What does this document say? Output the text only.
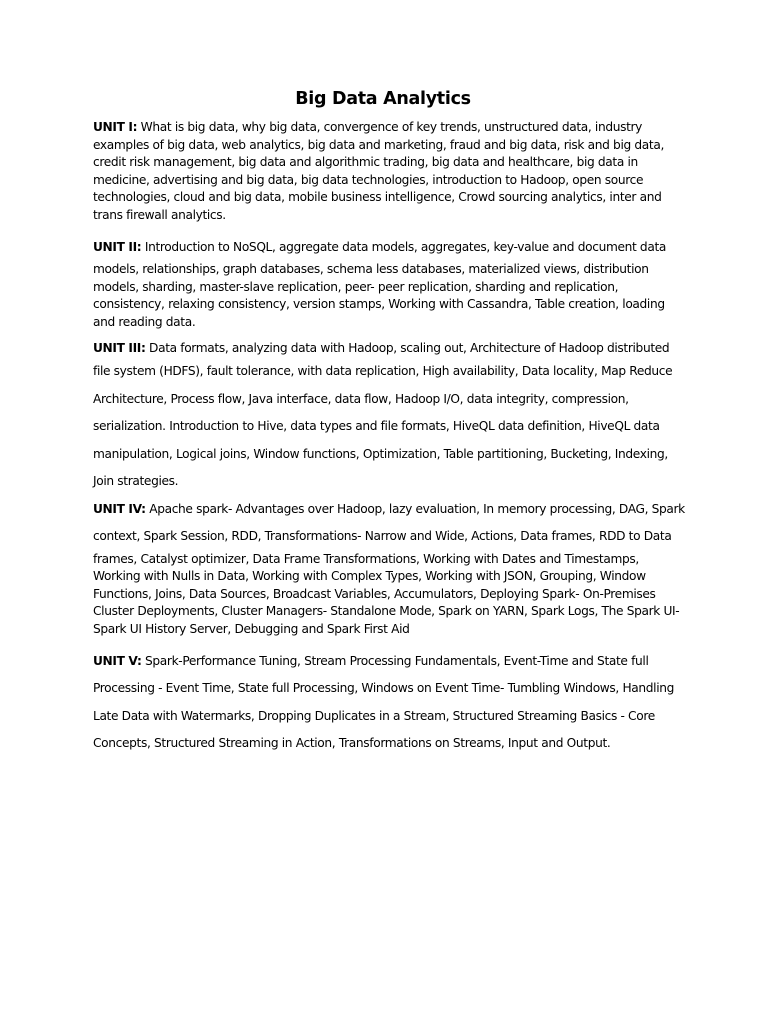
Big Data Analytics

UNIT I: What is big data, why big data, convergence of key trends, unstructured data, industry
examples of big data, web analytics, big data and marketing, fraud and big data, risk and big data,
credit risk management, big data and algorithmic trading, big data and healthcare, big data in
medicine, advertising and big data, big data technologies, introduction to Hadoop, open source
technologies, cloud and big data, mobile business intelligence, Crowd sourcing analytics, inter and
trans firewall analytics.

UNIT II: Introduction to NoSQL, aggregate data models, aggregates, key-value and document data
models, relationships, graph databases, schema less databases, materialized views, distribution
models, sharding, master-slave replication, peer- peer replication, sharding and replication,
consistency, relaxing consistency, version stamps, Working with Cassandra, Table creation, loading
and reading data.

UNIT III: Data formats, analyzing data with Hadoop, scaling out, Architecture of Hadoop distributed
file system (HDFS), fault tolerance, with data replication, High availability, Data locality, Map Reduce
Architecture, Process flow, Java interface, data flow, Hadoop I/O, data integrity, compression,
serialization. Introduction to Hive, data types and file formats, HiveQL data definition, HiveQL data
manipulation, Logical joins, Window functions, Optimization, Table partitioning, Bucketing, Indexing,
Join strategies.

UNIT IV: Apache spark- Advantages over Hadoop, lazy evaluation, In memory processing, DAG, Spark
context, Spark Session, RDD, Transformations- Narrow and Wide, Actions, Data frames, RDD to Data
frames, Catalyst optimizer, Data Frame Transformations, Working with Dates and Timestamps,
Working with Nulls in Data, Working with Complex Types, Working with JSON, Grouping, Window
Functions, Joins, Data Sources, Broadcast Variables, Accumulators, Deploying Spark- On-Premises
Cluster Deployments, Cluster Managers- Standalone Mode, Spark on YARN, Spark Logs, The Spark UI-
Spark UI History Server, Debugging and Spark First Aid

UNIT V: Spark-Performance Tuning, Stream Processing Fundamentals, Event-Time and State full
Processing - Event Time, State full Processing, Windows on Event Time- Tumbling Windows, Handling
Late Data with Watermarks, Dropping Duplicates in a Stream, Structured Streaming Basics - Core
Concepts, Structured Streaming in Action, Transformations on Streams, Input and Output.
